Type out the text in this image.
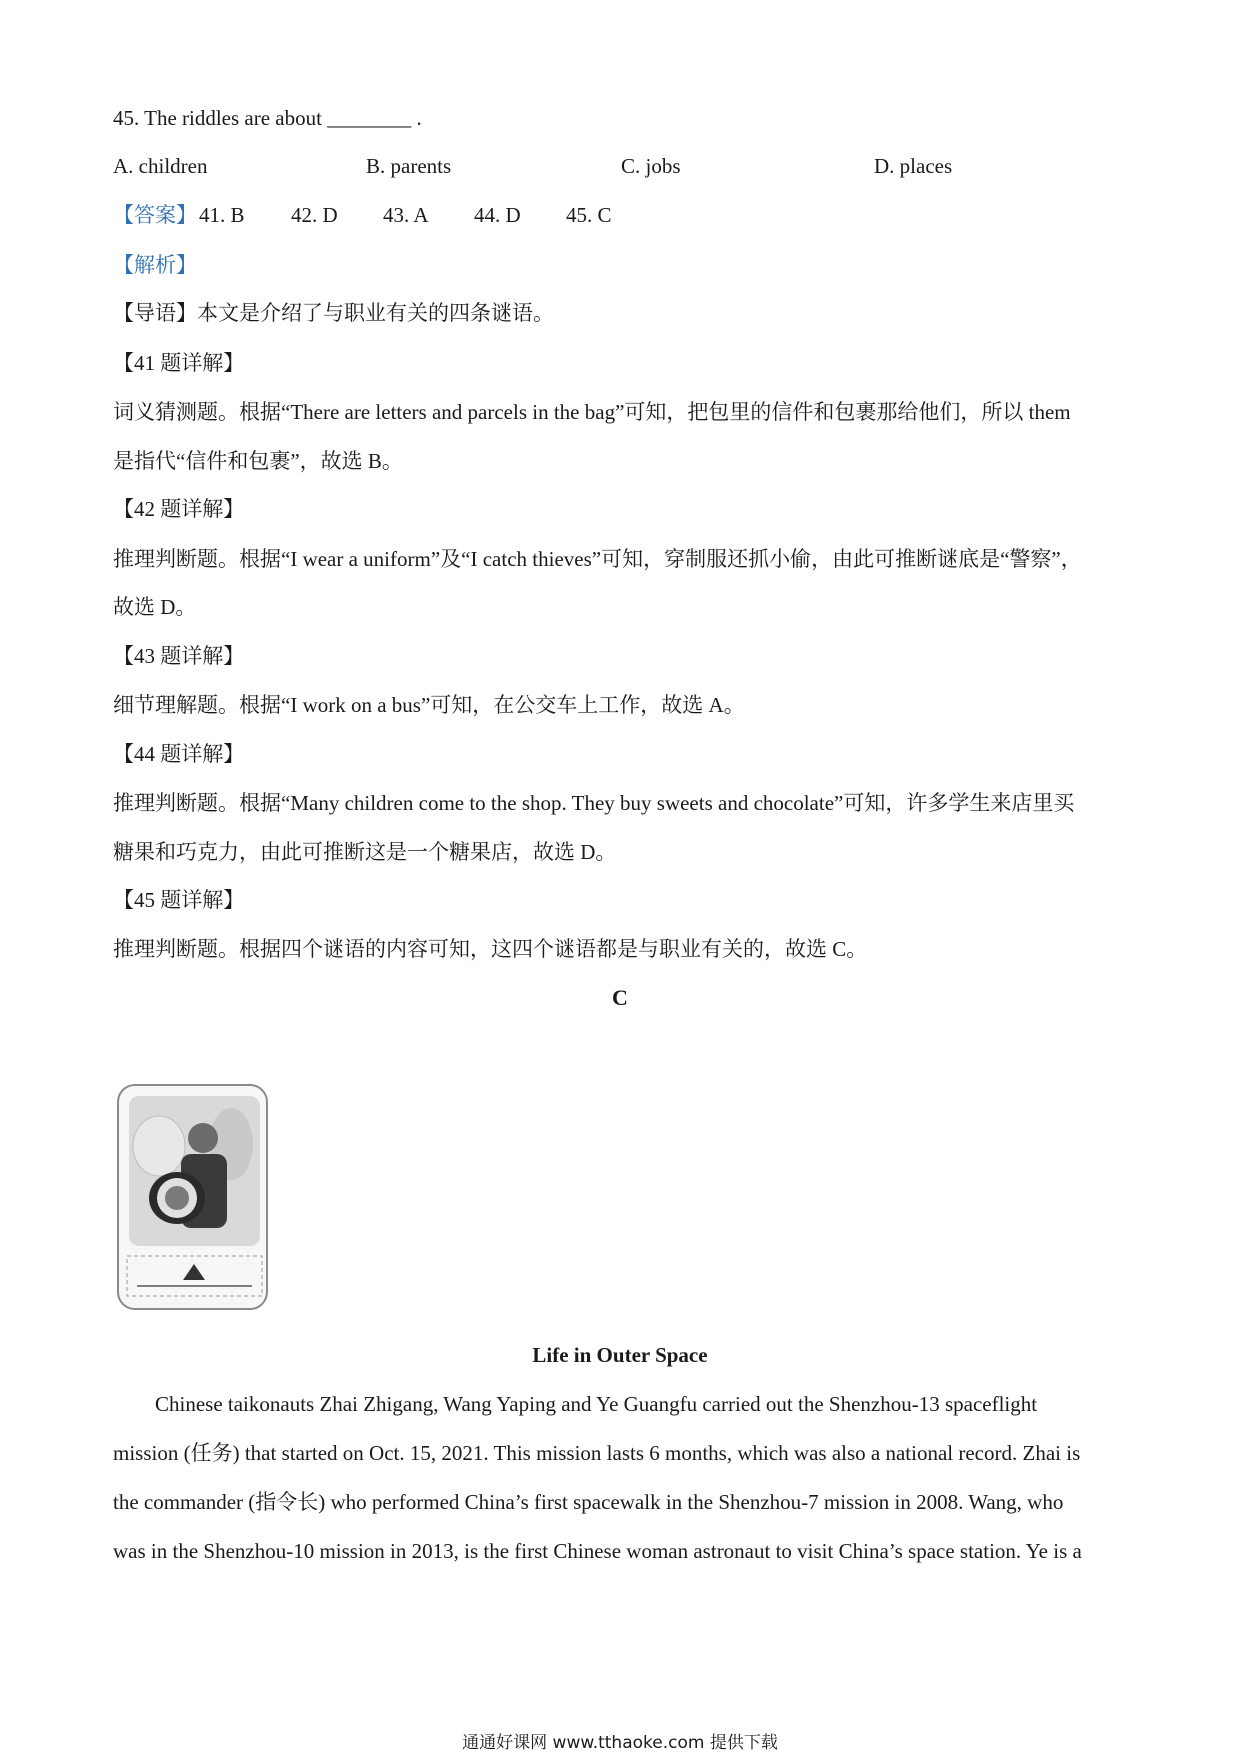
45. The riddles are about ________ .
A. children	B. parents	C. jobs	D. places
【答案】 41. B 42. D 43. A 44. D 45. C
【解析】
【导语】本文是介绍了与职业有关的四条谜语。
【41 题详解】
词义猜测题。根据“There are letters and parcels in the bag”可知，把包里的信件和包裹那给他们，所以 them
是指代“信件和包裹”，故选 B。
【42 题详解】
推理判断题。根据“I wear a uniform”及“I catch thieves”可知，穿制服还抓小偷，由此可推断谜底是“警察”，
故选 D。
【43 题详解】
细节理解题。根据“I work on a bus”可知，在公交车上工作，故选 A。
【44 题详解】
推理判断题。根据“Many children come to the shop. They buy sweets and chocolate”可知，许多学生来店里买
糖果和巧克力，由此可推断这是一个糖果店，故选 D。
【45 题详解】
推理判断题。根据四个谜语的内容可知，这四个谜语都是与职业有关的，故选 C。
C
Life in Outer Space
Chinese taikonauts Zhai Zhigang, Wang Yaping and Ye Guangfu carried out the Shenzhou-13 spaceflight
mission (任务) that started on Oct. 15, 2021. This mission lasts 6 months, which was also a national record. Zhai is
the commander (指令长) who performed China’s first spacewalk in the Shenzhou-7 mission in 2008. Wang, who
was in the Shenzhou-10 mission in 2013, is the first Chinese woman astronaut to visit China’s space station. Ye is a
通通好课网 www.tthaoke.com 提供下载
